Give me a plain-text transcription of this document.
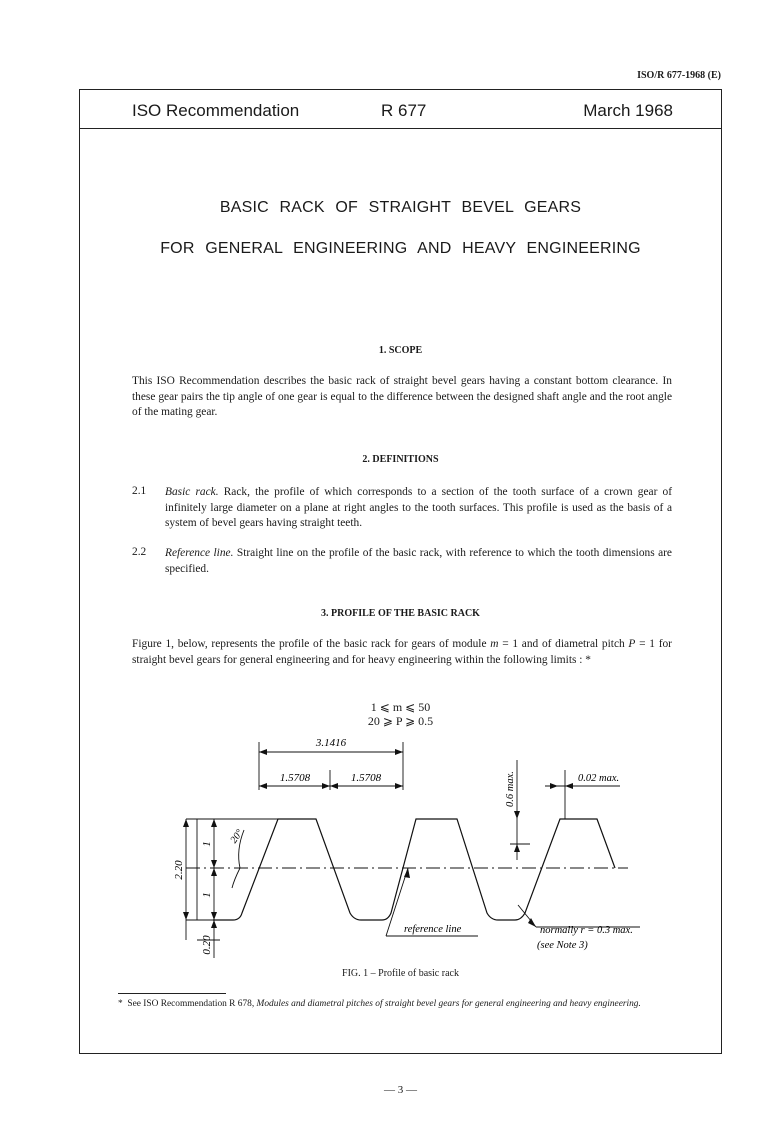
ISO/R 677-1968 (E)
ISO Recommendation	R 677	March 1968
BASIC RACK OF STRAIGHT BEVEL GEARS
FOR GENERAL ENGINEERING AND HEAVY ENGINEERING
1. SCOPE
This ISO Recommendation describes the basic rack of straight bevel gears having a constant bottom clearance. In these gear pairs the tip angle of one gear is equal to the difference between the designed shaft angle and the root angle of the mating gear.
2. DEFINITIONS
2.1 Basic rack. Rack, the profile of which corresponds to a section of the tooth surface of a crown gear of infinitely large diameter on a plane at right angles to the tooth surfaces. This profile is used as the basis of a system of bevel gears having straight teeth.
2.2 Reference line. Straight line on the profile of the basic rack, with reference to which the tooth dimensions are specified.
3. PROFILE OF THE BASIC RACK
Figure 1, below, represents the profile of the basic rack for gears of module m = 1 and of diametral pitch P = 1 for straight bevel gears for general engineering and for heavy engineering within the following limits : *
1 ⩽ m ⩽ 50
20 ⩾ P ⩾ 0.5
3.1416
1.5708	1.5708
2.20
1
1
0.20
20°
0.6 max.	0.02 max.
reference line	normally r = 0.3 max.
(see Note 3)
FIG. 1 – Profile of basic rack
* See ISO Recommendation R 678, Modules and diametral pitches of straight bevel gears for general engineering and heavy engineering.
— 3 —
